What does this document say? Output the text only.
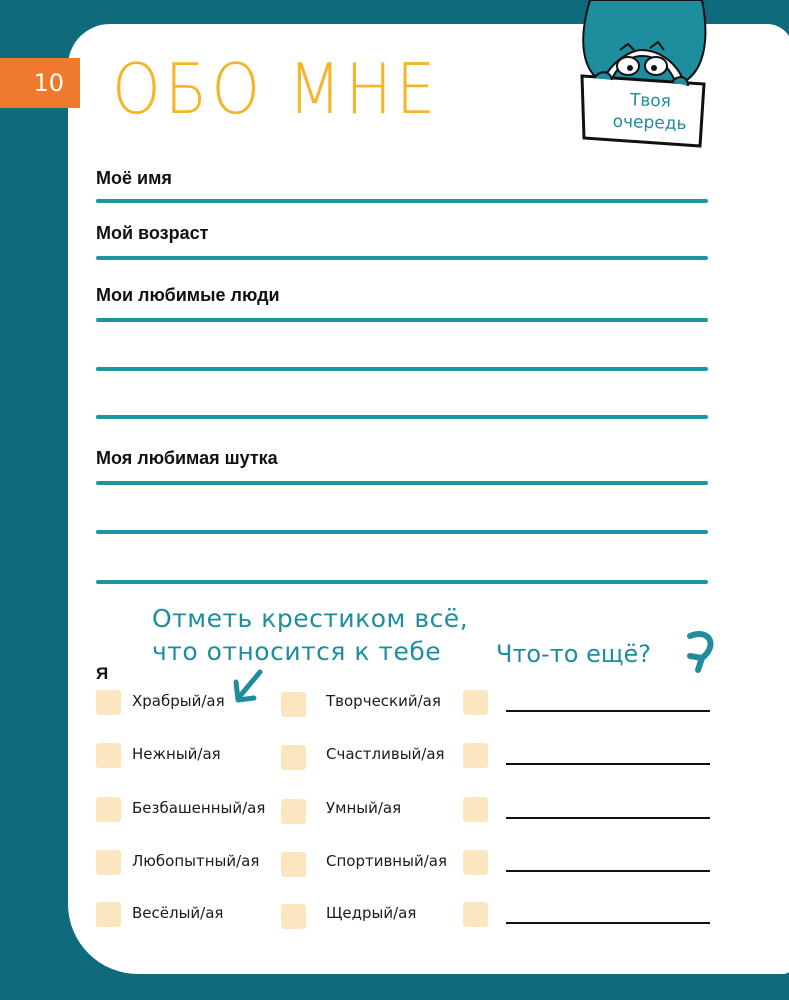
10 ОБО МНЕ	Твоя
очередь
Моё имя
Мой возраст
Мои любимые люди
Моя любимая шутка
Отметь крестиком всё,
что относится к тебе	Что-то ещё?
Я
Храбрый/ая	Творческий/ая
Нежный/ая	Счастливый/ая
Безбашенный/ая	Умный/ая
Любопытный/ая	Спортивный/ая
Весёлый/ая	Щедрый/ая
